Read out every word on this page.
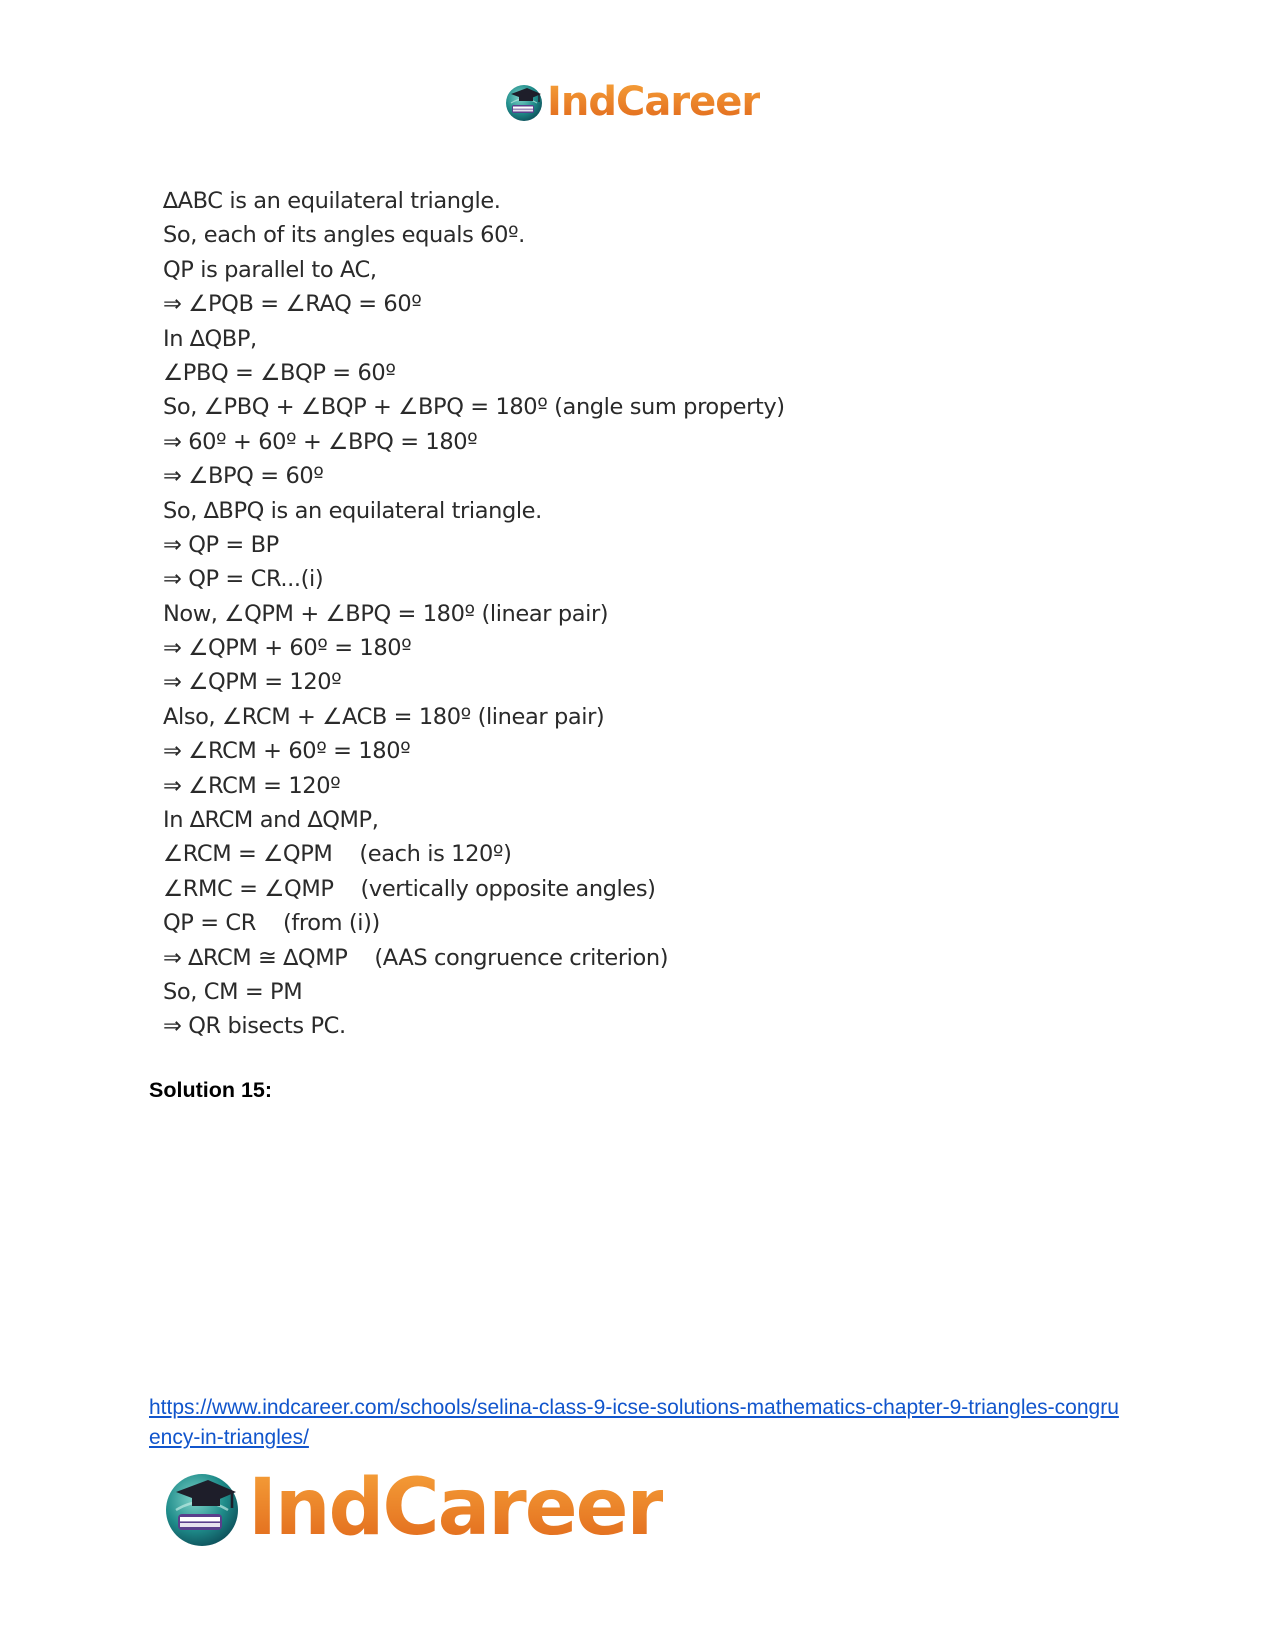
IndCareer
∆ABC is an equilateral triangle.
So, each of its angles equals 60º.
QP is parallel to AC,
⇒ ∠PQB = ∠RAQ = 60º
In ∆QBP,
∠PBQ = ∠BQP = 60º
So, ∠PBQ + ∠BQP + ∠BPQ = 180º (angle sum property)
⇒ 60º + 60º + ∠BPQ = 180º
⇒ ∠BPQ = 60º
So, ∆BPQ is an equilateral triangle.
⇒ QP = BP
⇒ QP = CR...(i)
Now, ∠QPM + ∠BPQ = 180º (linear pair)
⇒ ∠QPM + 60º = 180º
⇒ ∠QPM = 120º
Also, ∠RCM + ∠ACB = 180º (linear pair)
⇒ ∠RCM + 60º = 180º
⇒ ∠RCM = 120º
In ∆RCM and ∆QMP,
∠RCM = ∠QPM    (each is 120º)
∠RMC = ∠QMP    (vertically opposite angles)
QP = CR    (from (i))
⇒ ∆RCM ≅ ∆QMP    (AAS congruence criterion)
So, CM = PM
⇒ QR bisects PC.
Solution 15:
https://www.indcareer.com/schools/selina-class-9-icse-solutions-mathematics-chapter-9-triangles-congruency-in-triangles/
IndCareer
